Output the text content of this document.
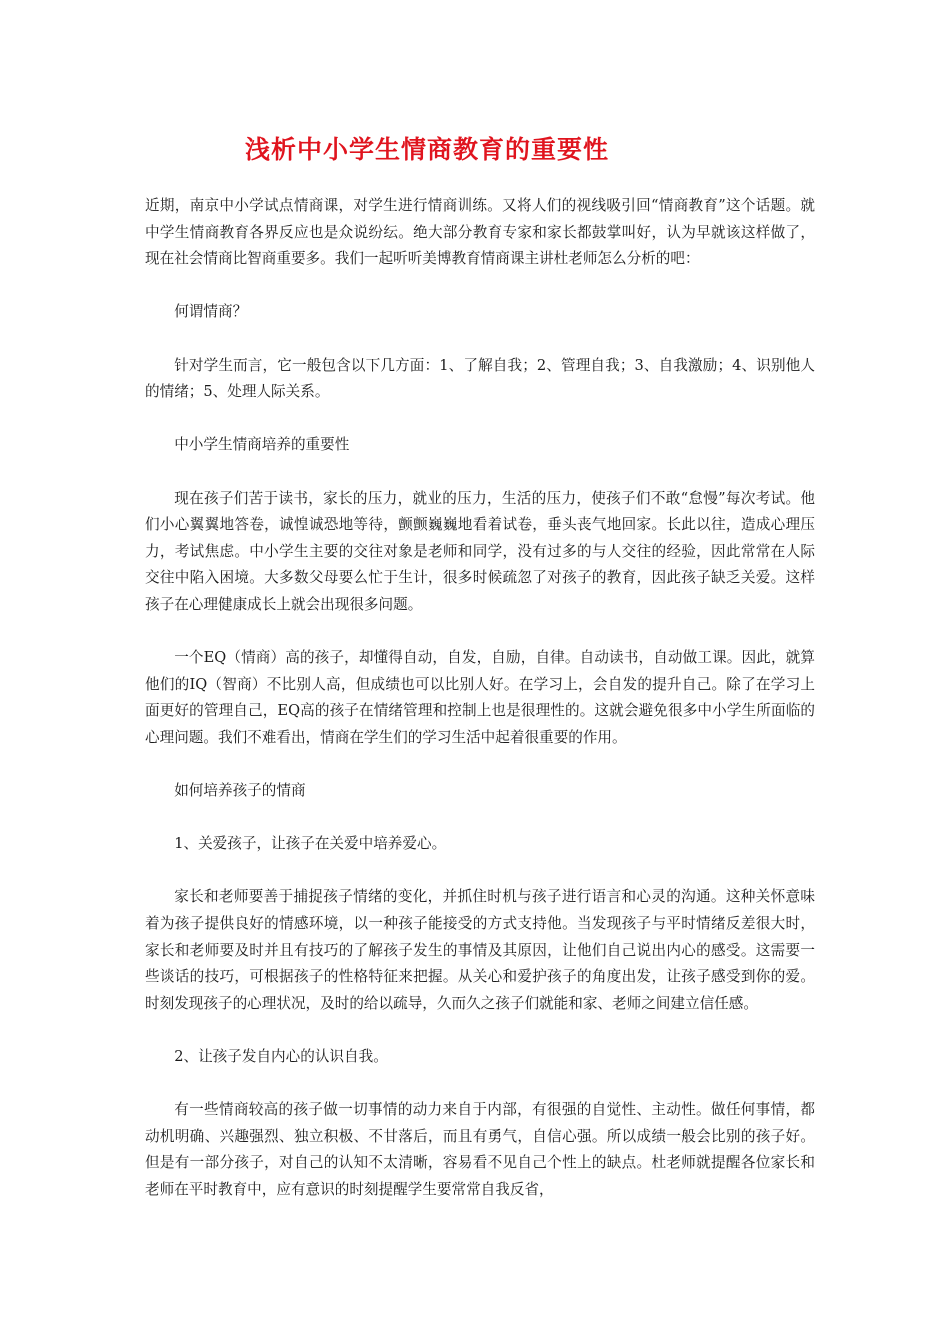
浅析中小学生情商教育的重要性

近期，南京中小学试点情商课，对学生进行情商训练。又将人们的视线吸引回“情商教育”这个话题。就中学生情商教育各界反应也是众说纷纭。绝大部分教育专家和家长都鼓掌叫好，认为早就该这样做了，现在社会情商比智商重要多。我们一起听听美博教育情商课主讲杜老师怎么分析的吧：

何谓情商？

针对学生而言，它一般包含以下几方面：1、了解自我；2、管理自我；3、自我激励；4、识别他人的情绪；5、处理人际关系。

中小学生情商培养的重要性

现在孩子们苦于读书，家长的压力，就业的压力，生活的压力，使孩子们不敢“怠慢”每次考试。他们小心翼翼地答卷，诚惶诚恐地等待，颤颤巍巍地看着试卷，垂头丧气地回家。长此以往，造成心理压力，考试焦虑。中小学生主要的交往对象是老师和同学，没有过多的与人交往的经验，因此常常在人际交往中陷入困境。大多数父母要么忙于生计，很多时候疏忽了对孩子的教育，因此孩子缺乏关爱。这样孩子在心理健康成长上就会出现很多问题。

一个EQ（情商）高的孩子，却懂得自动，自发，自励，自律。自动读书，自动做工课。因此，就算他们的IQ（智商）不比别人高，但成绩也可以比别人好。在学习上，会自发的提升自己。除了在学习上面更好的管理自己，EQ高的孩子在情绪管理和控制上也是很理性的。这就会避免很多中小学生所面临的心理问题。我们不难看出，情商在学生们的学习生活中起着很重要的作用。

如何培养孩子的情商

1、关爱孩子，让孩子在关爱中培养爱心。

家长和老师要善于捕捉孩子情绪的变化，并抓住时机与孩子进行语言和心灵的沟通。这种关怀意味着为孩子提供良好的情感环境，以一种孩子能接受的方式支持他。当发现孩子与平时情绪反差很大时，家长和老师要及时并且有技巧的了解孩子发生的事情及其原因，让他们自己说出内心的感受。这需要一些谈话的技巧，可根据孩子的性格特征来把握。从关心和爱护孩子的角度出发，让孩子感受到你的爱。时刻发现孩子的心理状况，及时的给以疏导，久而久之孩子们就能和家、老师之间建立信任感。

2、让孩子发自内心的认识自我。

有一些情商较高的孩子做一切事情的动力来自于内部，有很强的自觉性、主动性。做任何事情，都动机明确、兴趣强烈、独立积极、不甘落后，而且有勇气，自信心强。所以成绩一般会比别的孩子好。但是有一部分孩子，对自己的认知不太清晰，容易看不见自己个性上的缺点。杜老师就提醒各位家长和老师在平时教育中，应有意识的时刻提醒学生要常常自我反省，
